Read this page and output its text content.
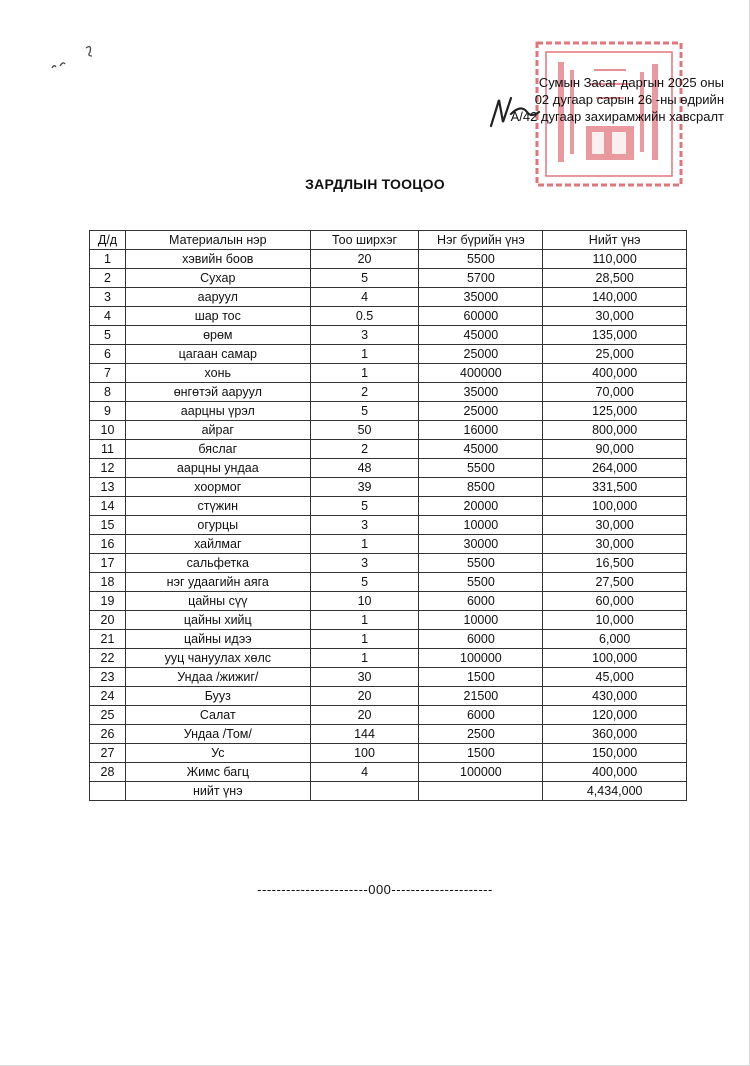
Сумын Засаг даргын 2025 оны
02 дугаар сарын 26 -ны өдрийн
А/42 дугаар захирамжийн хавсралт
ЗАРДЛЫН ТООЦОО
Д/д	Материалын нэр	Тоо ширхэг	Нэг бүрийн үнэ	Нийт үнэ
1	хэвийн боов	20	5500	110,000
2	Сухар	5	5700	28,500
3	ааруул	4	35000	140,000
4	шар тос	0.5	60000	30,000
5	өрөм	3	45000	135,000
6	цагаан самар	1	25000	25,000
7	хонь	1	400000	400,000
8	өнгөтэй ааруул	2	35000	70,000
9	аарцны үрэл	5	25000	125,000
10	айраг	50	16000	800,000
11	бяслаг	2	45000	90,000
12	аарцны ундаа	48	5500	264,000
13	хоормог	39	8500	331,500
14	стүжин	5	20000	100,000
15	огурцы	3	10000	30,000
16	хайлмаг	1	30000	30,000
17	сальфетка	3	5500	16,500
18	нэг удаагийн аяга	5	5500	27,500
19	цайны сүү	10	6000	60,000
20	цайны хийц	1	10000	10,000
21	цайны идээ	1	6000	6,000
22	ууц чануулах хөлс	1	100000	100,000
23	Ундаа /жижиг/	30	1500	45,000
24	Бууз	20	21500	430,000
25	Салат	20	6000	120,000
26	Ундаа /Том/	144	2500	360,000
27	Ус	100	1500	150,000
28	Жимс багц	4	100000	400,000
	нийт үнэ			4,434,000
-----------------------000---------------------
